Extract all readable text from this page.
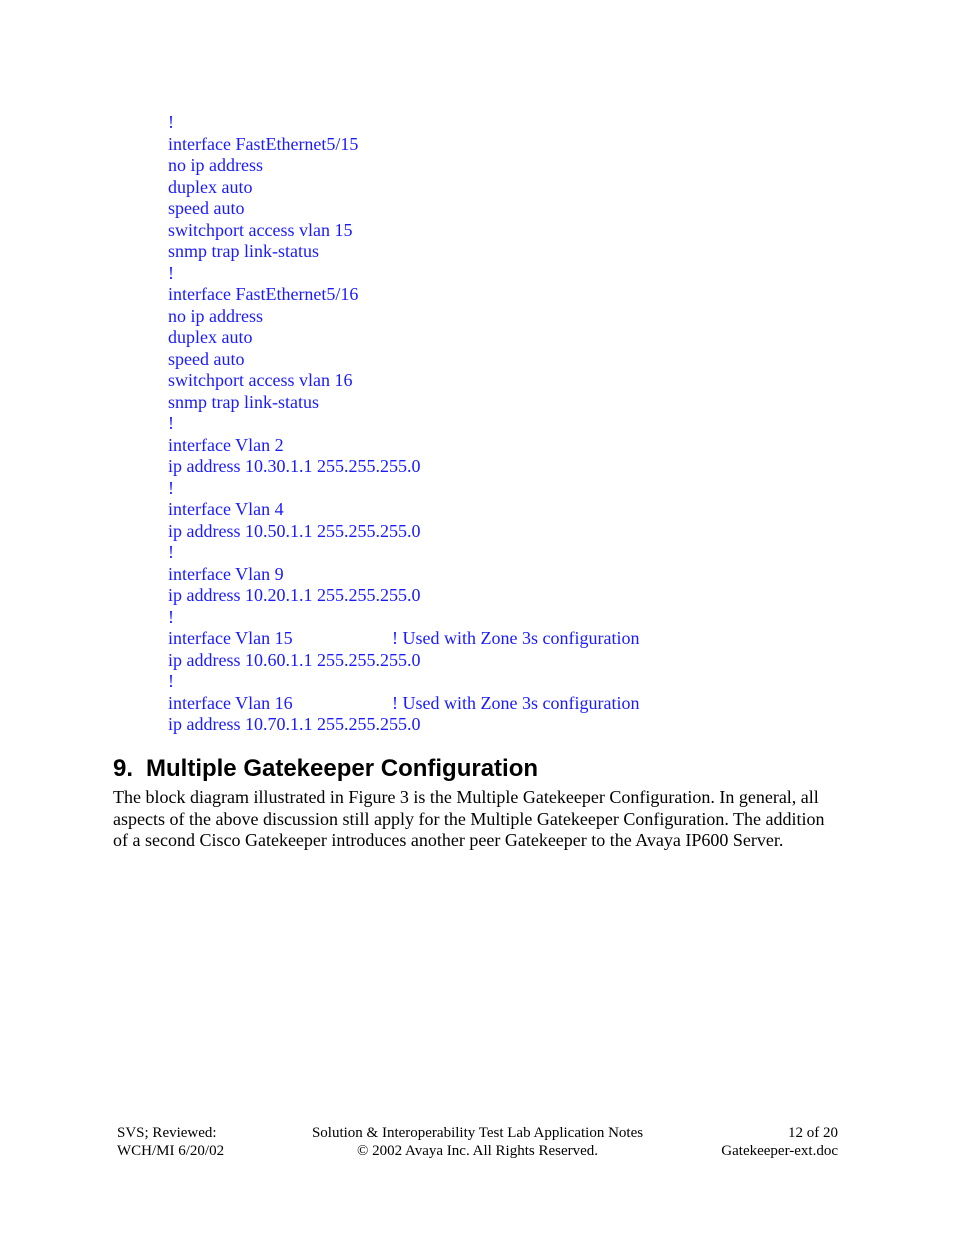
!
interface FastEthernet5/15
no ip address
duplex auto
speed auto
switchport access vlan 15
snmp trap link-status
!
interface FastEthernet5/16
no ip address
duplex auto
speed auto
switchport access vlan 16
snmp trap link-status
!
interface Vlan 2
ip address 10.30.1.1 255.255.255.0
!
interface Vlan 4
ip address 10.50.1.1 255.255.255.0
!
interface Vlan 9
ip address 10.20.1.1 255.255.255.0
!
interface Vlan 15	! Used with Zone 3s configuration
ip address 10.60.1.1 255.255.255.0
!
interface Vlan 16	! Used with Zone 3s configuration
ip address 10.70.1.1 255.255.255.0
9. Multiple Gatekeeper Configuration

The block diagram illustrated in Figure 3 is the Multiple Gatekeeper Configuration. In general, all aspects of the above discussion still apply for the Multiple Gatekeeper Configuration. The addition of a second Cisco Gatekeeper introduces another peer Gatekeeper to the Avaya IP600 Server.

Solution & Interoperability Test Lab Application Notes
© 2002 Avaya Inc. All Rights Reserved.
SVS; Reviewed:
WCH/MI 6/20/02
12 of 20
Gatekeeper-ext.doc
